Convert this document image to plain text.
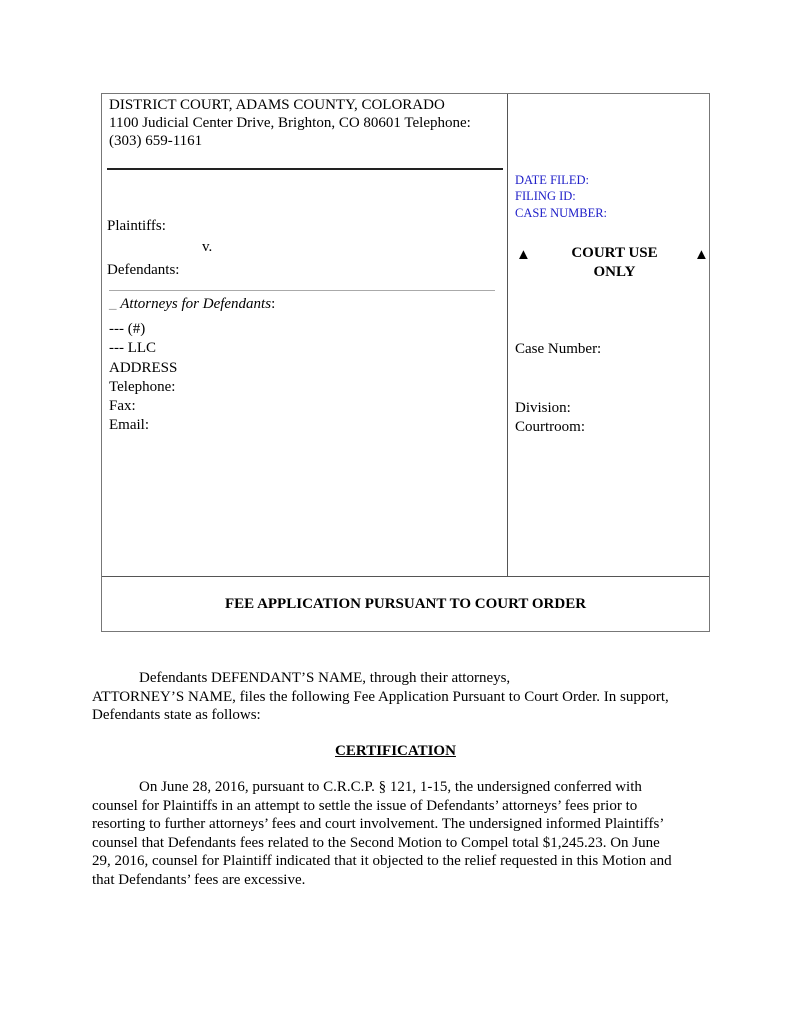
DISTRICT COURT, ADAMS COUNTY, COLORADO
1100 Judicial Center Drive, Brighton, CO 80601 Telephone:
(303) 659-1161
Plaintiffs:
v.
Defendants:
_ Attorneys for Defendants:
--- (#)
--- LLC
ADDRESS
Telephone:
Fax:
Email:
DATE FILED:
FILING ID:
CASE NUMBER:
▲	COURT USE
ONLY
▲
Case Number:
Division:
Courtroom:
FEE APPLICATION PURSUANT TO COURT ORDER
Defendants DEFENDANT’S NAME, through their attorneys,
ATTORNEY’S NAME, files the following Fee Application Pursuant to Court Order. In support,
Defendants state as follows:
CERTIFICATION
On June 28, 2016, pursuant to C.R.C.P. § 121, 1-15, the undersigned conferred with
counsel for Plaintiffs in an attempt to settle the issue of Defendants’ attorneys’ fees prior to
resorting to further attorneys’ fees and court involvement. The undersigned informed Plaintiffs’
counsel that Defendants fees related to the Second Motion to Compel total $1,245.23. On June
29, 2016, counsel for Plaintiff indicated that it objected to the relief requested in this Motion and
that Defendants’ fees are excessive.
